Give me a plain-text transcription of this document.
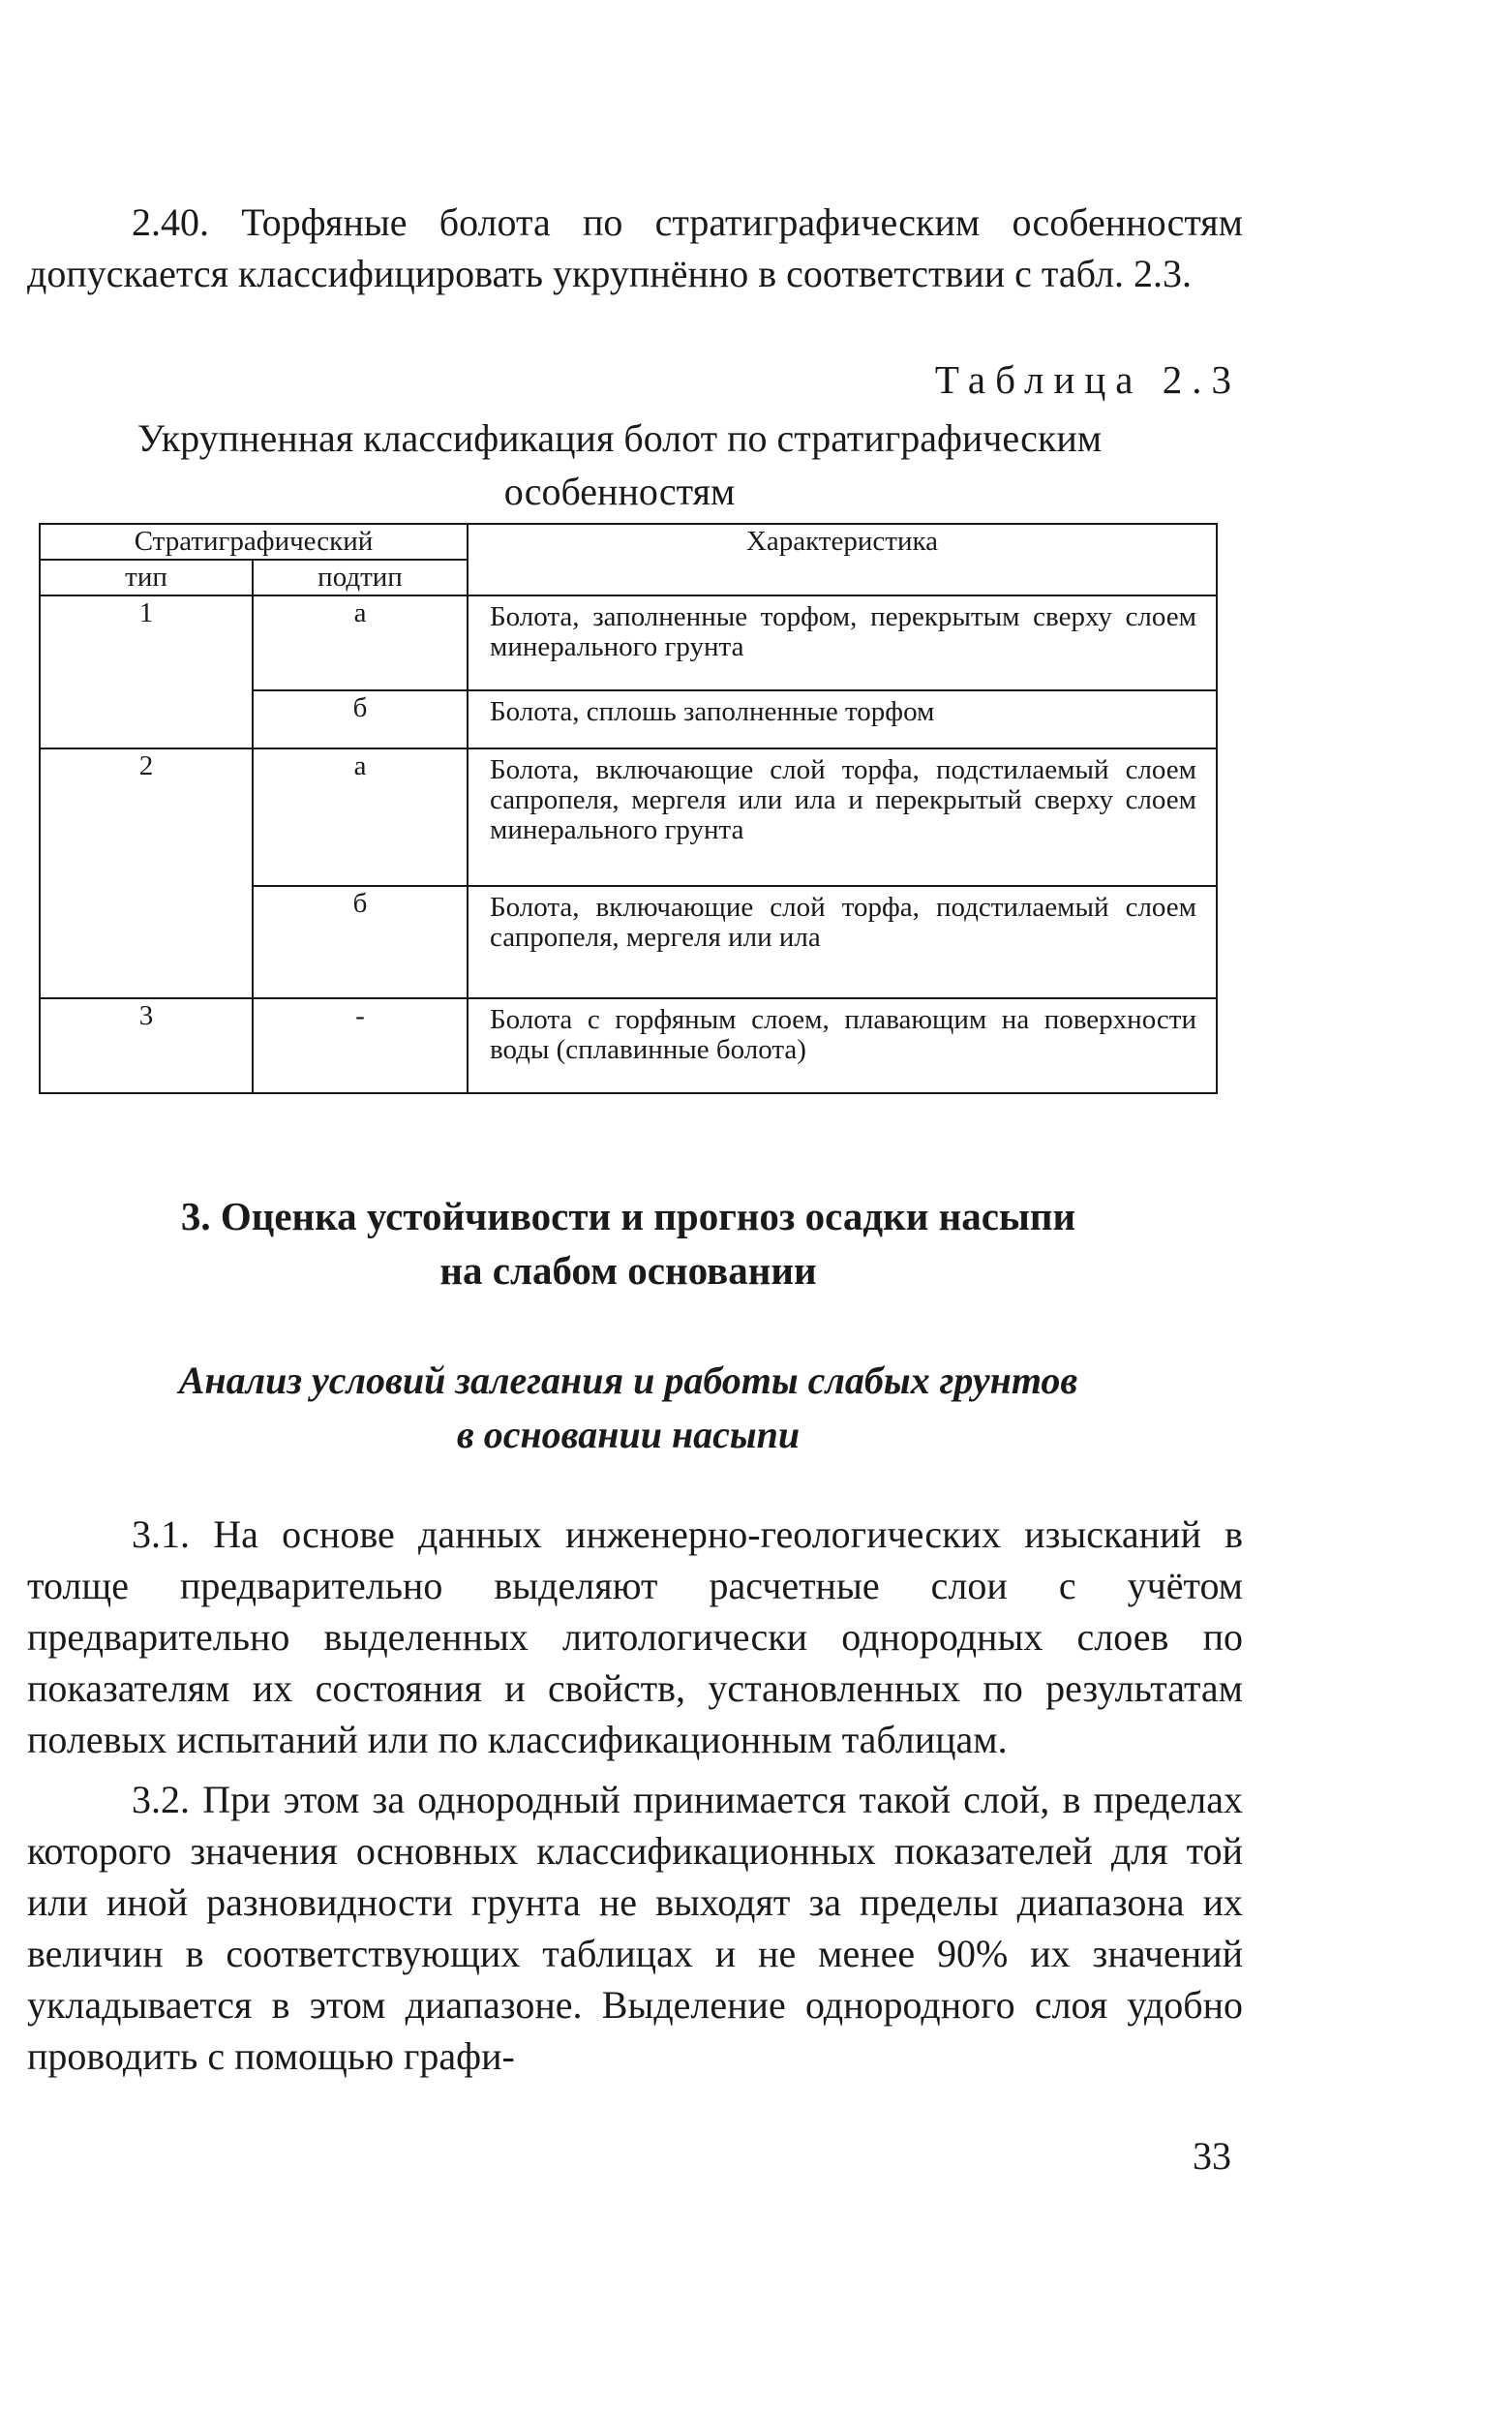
2.40. Торфяные болота по стратиграфическим особенностям допускается классифицировать укрупнённо в соответствии с табл. 2.3.

Таблица 2.3

Укрупненная классификация болот по стратиграфическим особенностям

Стратиграфический		Характеристика
тип	подтип	
1	а	Болота, заполненные торфом, перекрытым сверху слоем минерального грунта
	б	Болота, сплошь заполненные торфом
2	а	Болота, включающие слой торфа, подстилаемый слоем сапропеля, мергеля или ила и перекрытый сверху слоем минерального грунта
	б	Болота, включающие слой торфа, подстилаемый слоем сапропеля, мергеля или ила
3	-	Болота с горфяным слоем, плавающим на поверхности воды (сплавинные болота)
3. Оценка устойчивости и прогноз осадки насыпи
на слабом основании
Анализ условий залегания и работы слабых грунтов
в основании насыпи

3.1. На основе данных инженерно-геологических изысканий в толще предварительно выделяют расчетные слои с учётом предварительно выделенных литологически однородных слоев по показателям их состояния и свойств, установленных по результатам полевых испытаний или по классификационным таблицам.

3.2. При этом за однородный принимается такой слой, в пределах которого значения основных классификационных показателей для той или иной разновидности грунта не выходят за пределы диапазона их величин в соответствующих таблицах и не менее 90% их значений укладывается в этом диапазоне. Выделение однородного слоя удобно проводить с помощью графи-

33
